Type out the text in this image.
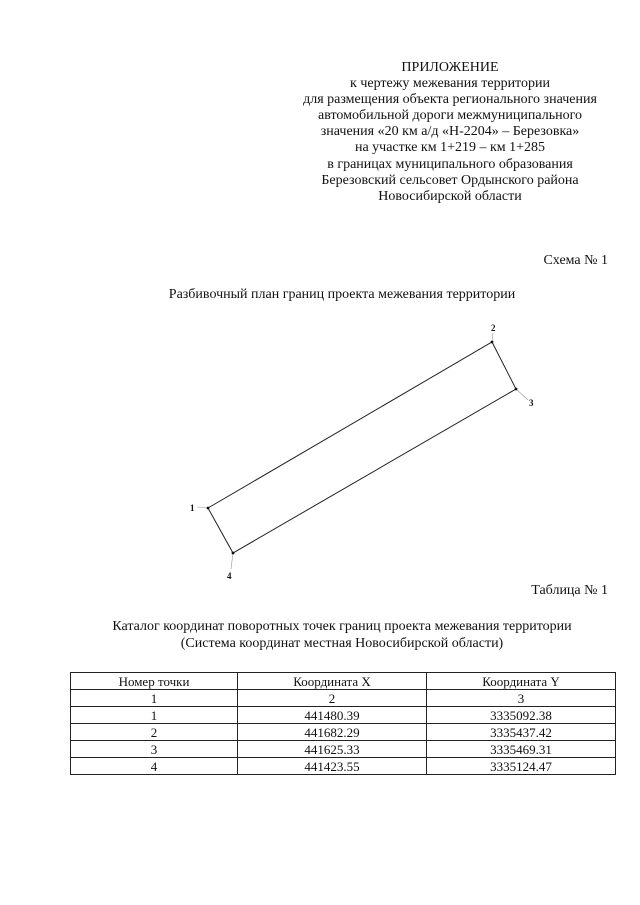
ПРИЛОЖЕНИЕ
к чертежу межевания территории
для размещения объекта регионального значения
автомобильной дороги межмуниципального
значения «20 км а/д «Н-2204» – Березовка»
на участке км 1+219 – км 1+285
в границах муниципального образования
Березовский сельсовет Ордынского района
Новосибирской области
Схема № 1
Разбивочный план границ проекта межевания территории
1
2
3
4
Таблица № 1
Каталог координат поворотных точек границ проекта межевания территории
(Система координат местная Новосибирской области)
Номер точки	Координата X	Координата Y
1	2	3
1	441480.39	3335092.38
2	441682.29	3335437.42
3	441625.33	3335469.31
4	441423.55	3335124.47
